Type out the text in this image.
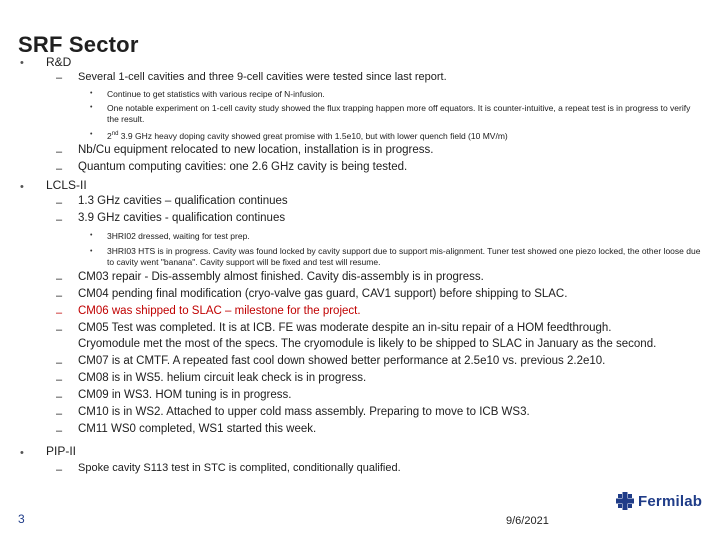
SRF Sector
• R&D
– Several 1-cell cavities and three 9-cell cavities were tested since last report.
• Continue to get statistics with various recipe of N-infusion.
• One notable experiment on 1-cell cavity study showed the flux trapping happen more off equators. It is counter-intuitive, a repeat test is in progress to verify the result.
• 2nd 3.9 GHz heavy doping cavity showed great promise with 1.5e10, but with lower quench field (10 MV/m)
– Nb/Cu equipment relocated to new location, installation is in progress.
– Quantum computing cavities: one 2.6 GHz cavity is being tested.
• LCLS-II
– 1.3 GHz cavities – qualification continues
– 3.9 GHz cavities - qualification continues
• 3HRI02 dressed, waiting for test prep.
• 3HRI03 HTS is in progress. Cavity was found locked by cavity support due to support mis-alignment. Tuner test showed one piezo locked, the other loose due to cavity went "banana". Cavity support will be fixed and test will resume.
– CM03 repair - Dis-assembly almost finished. Cavity dis-assembly is in progress.
– CM04 pending final modification (cryo-valve gas guard, CAV1 support) before shipping to SLAC.
– CM06 was shipped to SLAC – milestone for the project.
– CM05 Test was completed. It is at ICB. FE was moderate despite an in-situ repair of a HOM feedthrough.
Cryomodule met the most of the specs. The cryomodule is likely to be shipped to SLAC in January as the second.
– CM07 is at CMTF. A repeated fast cool down showed better performance at 2.5e10 vs. previous 2.2e10.
– CM08 is in WS5. helium circuit leak check is in progress.
– CM09 in WS3. HOM tuning is in progress.
– CM10 is in WS2. Attached to upper cold mass assembly. Preparing to move to ICB WS3.
– CM11 WS0 completed, WS1 started this week.
• PIP-II
– Spoke cavity S113 test in STC is complited, conditionally qualified.
3	9/6/2021
Fermilab
